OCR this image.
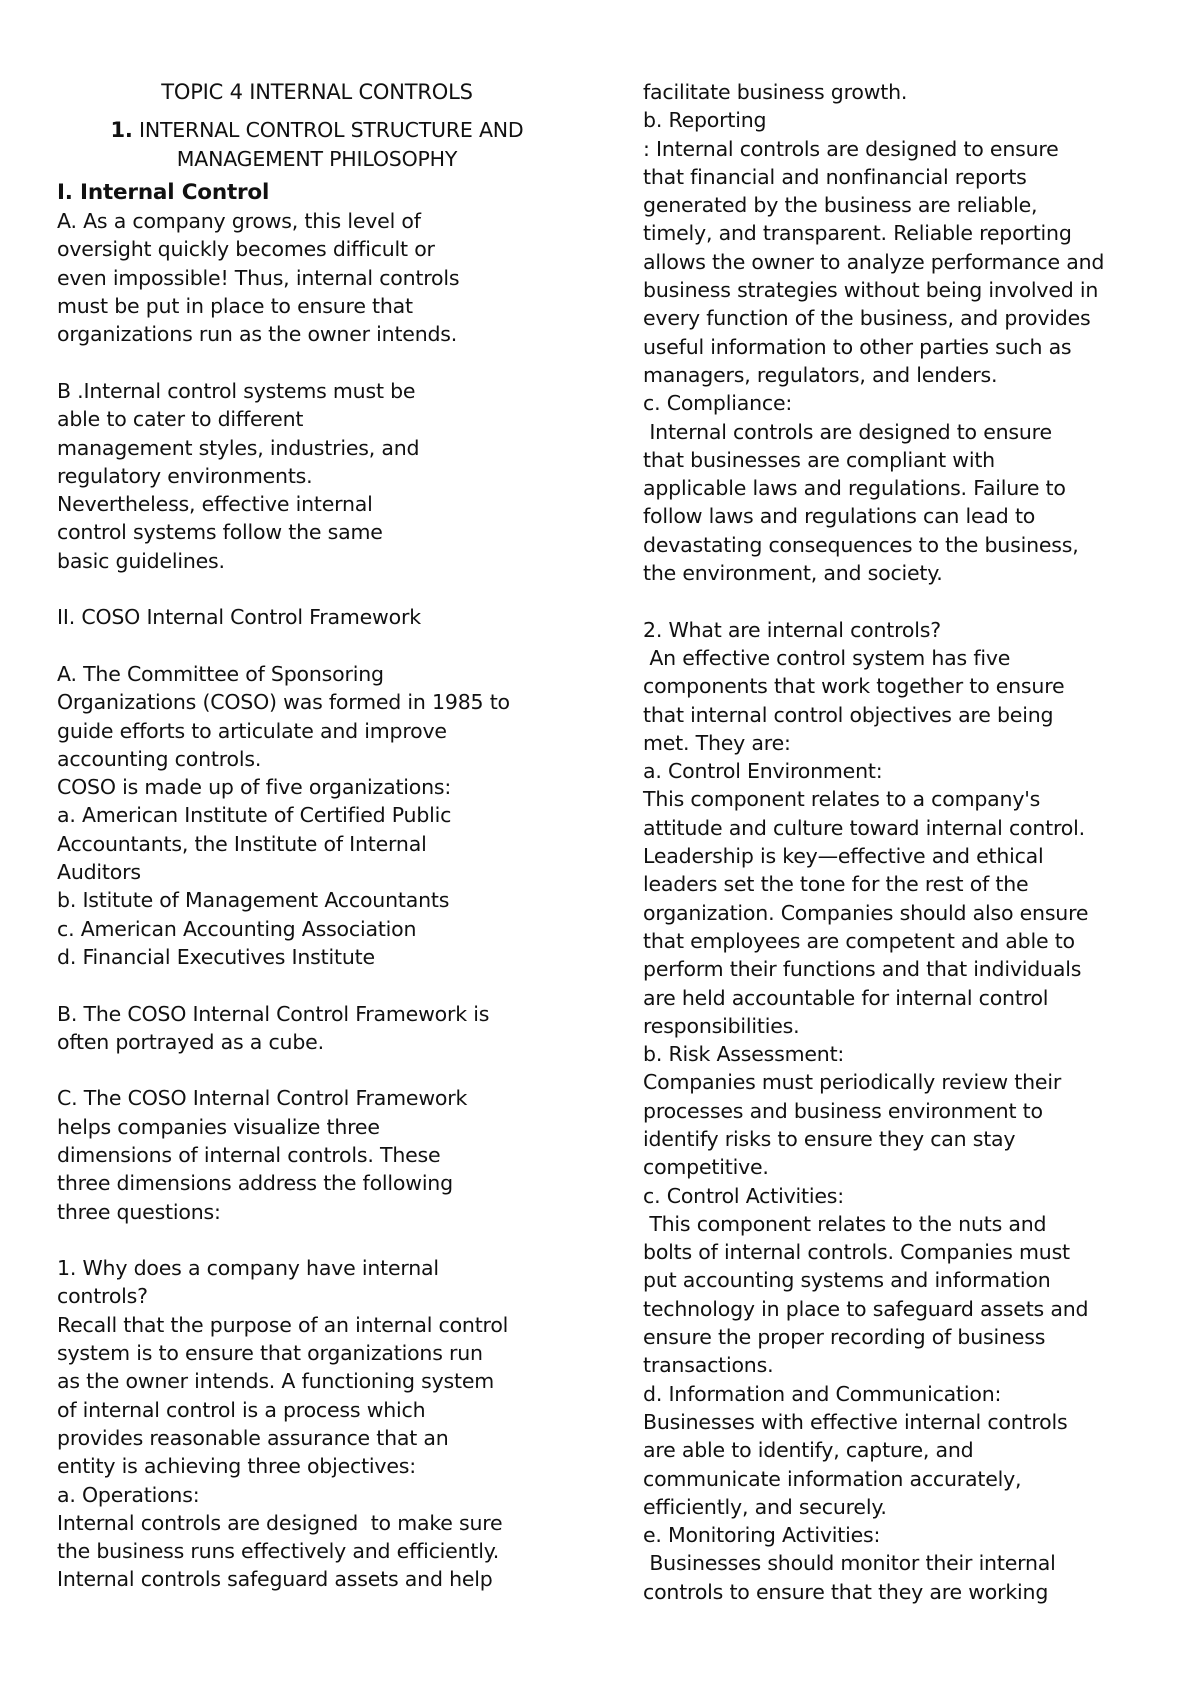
TOPIC 4 INTERNAL CONTROLS
1. INTERNAL CONTROL STRUCTURE AND
MANAGEMENT PHILOSOPHY
I. Internal Control
A. As a company grows, this level of
oversight quickly becomes difficult or
even impossible! Thus, internal controls
must be put in place to ensure that
organizations run as the owner intends.
B .Internal control systems must be
able to cater to different
management styles, industries, and
regulatory environments.
Nevertheless, effective internal
control systems follow the same
basic guidelines.
II. COSO Internal Control Framework
A. The Committee of Sponsoring
Organizations (COSO) was formed in 1985 to
guide efforts to articulate and improve
accounting controls.
COSO is made up of five organizations:
a. American Institute of Certified Public
Accountants, the Institute of Internal
Auditors
b. Istitute of Management Accountants
c. American Accounting Association
d. Financial Executives Institute
B. The COSO Internal Control Framework is
often portrayed as a cube.
C. The COSO Internal Control Framework
helps companies visualize three
dimensions of internal controls. These
three dimensions address the following
three questions:
1. Why does a company have internal
controls?
Recall that the purpose of an internal control
system is to ensure that organizations run
as the owner intends. A functioning system
of internal control is a process which
provides reasonable assurance that an
entity is achieving three objectives:
a. Operations:
Internal controls are designed  to make sure
the business runs effectively and efficiently.
Internal controls safeguard assets and help
facilitate business growth.
b. Reporting
: Internal controls are designed to ensure
that financial and nonfinancial reports
generated by the business are reliable,
timely, and transparent. Reliable reporting
allows the owner to analyze performance and
business strategies without being involved in
every function of the business, and provides
useful information to other parties such as
managers, regulators, and lenders.
c. Compliance:
Internal controls are designed to ensure
that businesses are compliant with
applicable laws and regulations. Failure to
follow laws and regulations can lead to
devastating consequences to the business,
the environment, and society.
2. What are internal controls?
An effective control system has five
components that work together to ensure
that internal control objectives are being
met. They are:
a. Control Environment:
This component relates to a company's
attitude and culture toward internal control.
Leadership is key—effective and ethical
leaders set the tone for the rest of the
organization. Companies should also ensure
that employees are competent and able to
perform their functions and that individuals
are held accountable for internal control
responsibilities.
b. Risk Assessment:
Companies must periodically review their
processes and business environment to
identify risks to ensure they can stay
competitive.
c. Control Activities:
This component relates to the nuts and
bolts of internal controls. Companies must
put accounting systems and information
technology in place to safeguard assets and
ensure the proper recording of business
transactions.
d. Information and Communication:
Businesses with effective internal controls
are able to identify, capture, and
communicate information accurately,
efficiently, and securely.
e. Monitoring Activities:
Businesses should monitor their internal
controls to ensure that they are working
